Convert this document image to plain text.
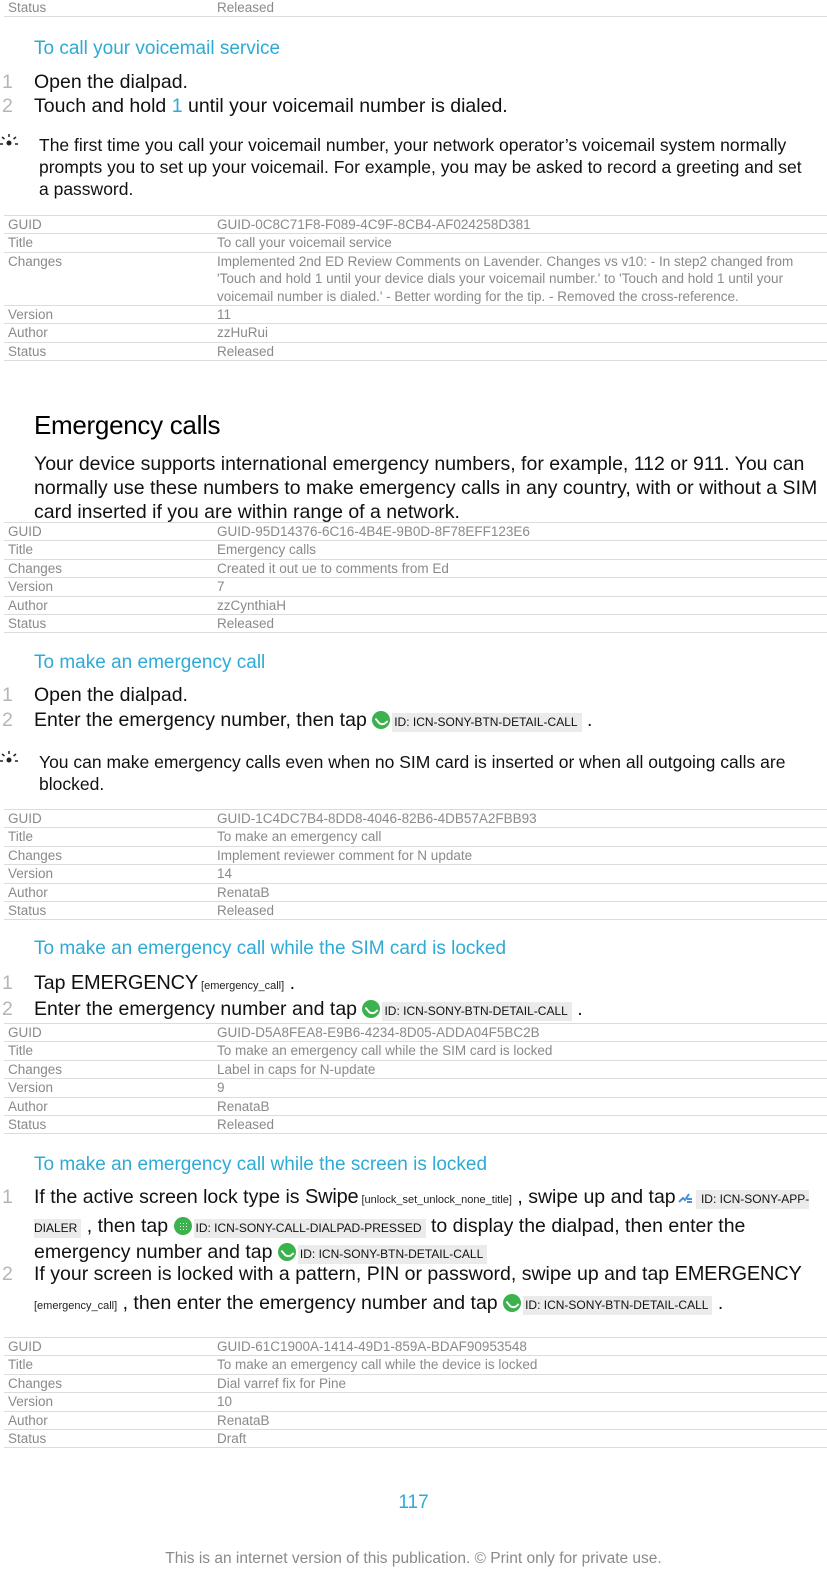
Status	Released
To call your voicemail service
1 Open the dialpad.
2 Touch and hold 1 until your voicemail number is dialed.
The first time you call your voicemail number, your network operator’s voicemail system normally prompts you to set up your voicemail. For example, you may be asked to record a greeting and set a password.
GUID	GUID-0C8C71F8-F089-4C9F-8CB4-AF024258D381
Title	To call your voicemail service
Changes	Implemented 2nd ED Review Comments on Lavender. Changes vs v10: - In step2 changed from 'Touch and hold 1 until your device dials your voicemail number.' to 'Touch and hold 1 until your voicemail number is dialed.' - Better wording for the tip. - Removed the cross-reference.
Version	11
Author	zzHuRui
Status	Released
Emergency calls

Your device supports international emergency numbers, for example, 112 or 911. You can normally use these numbers to make emergency calls in any country, with or without a SIM card inserted if you are within range of a network.

GUID	GUID-95D14376-6C16-4B4E-9B0D-8F78EFF123E6
Title	Emergency calls
Changes	Created it out ue to comments from Ed
Version	7
Author	zzCynthiaH
Status	Released
To make an emergency call
1 Open the dialpad.
2 Enter the emergency number, then tap ID: ICN-SONY-BTN-DETAIL-CALL .
You can make emergency calls even when no SIM card is inserted or when all outgoing calls are blocked.
GUID	GUID-1C4DC7B4-8DD8-4046-82B6-4DB57A2FBB93
Title	To make an emergency call
Changes	Implement reviewer comment for N update
Version	14
Author	RenataB
Status	Released
To make an emergency call while the SIM card is locked
1 Tap EMERGENCY [emergency_call] .
2 Enter the emergency number and tap ID: ICN-SONY-BTN-DETAIL-CALL .
GUID	GUID-D5A8FEA8-E9B6-4234-8D05-ADDA04F5BC2B
Title	To make an emergency call while the SIM card is locked
Changes	Label in caps for N-update
Version	9
Author	RenataB
Status	Released
To make an emergency call while the screen is locked
1 If the active screen lock type is Swipe [unlock_set_unlock_none_title] , swipe up and tap ID: ICN-SONY-APP-DIALER , then tap ID: ICN-SONY-CALL-DIALPAD-PRESSED to display the dialpad, then enter the emergency number and tap ID: ICN-SONY-BTN-DETAIL-CALL
2 If your screen is locked with a pattern, PIN or password, swipe up and tap EMERGENCY [emergency_call] , then enter the emergency number and tap ID: ICN-SONY-BTN-DETAIL-CALL .
GUID	GUID-61C1900A-1414-49D1-859A-BDAF90953548
Title	To make an emergency call while the device is locked
Changes	Dial varref fix for Pine
Version	10
Author	RenataB
Status	Draft
117
This is an internet version of this publication. © Print only for private use.
